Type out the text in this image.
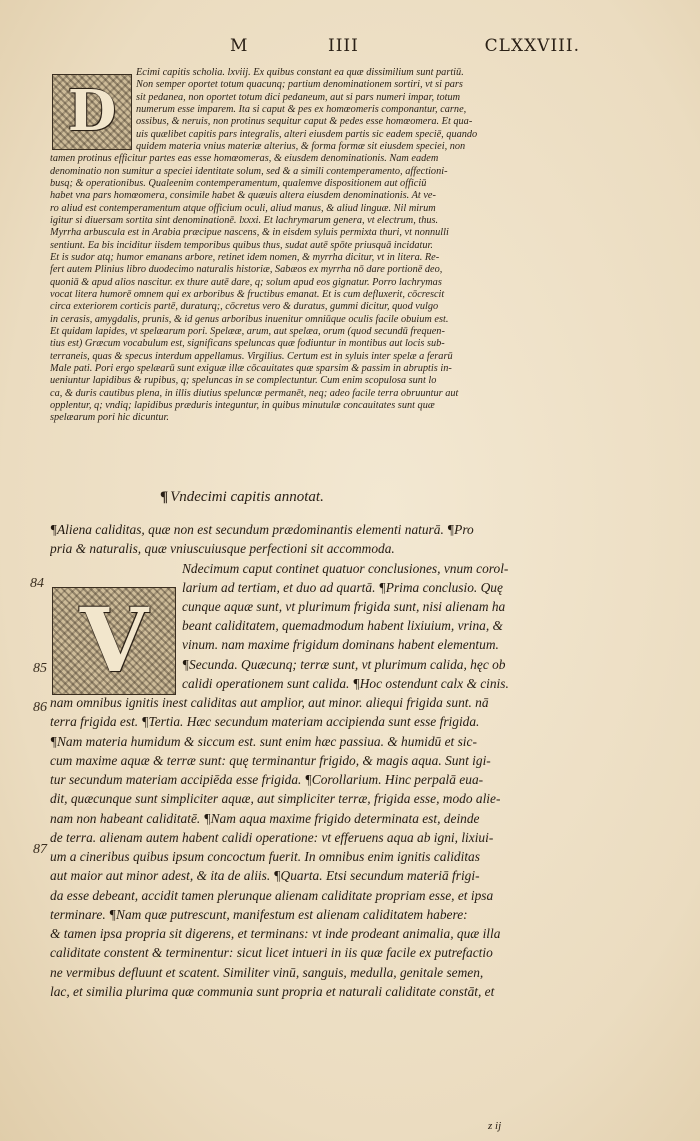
M	IIII	CLXXVIII.
D

Ecimi capitis scholia. lxviij. Ex quibus constant ea quæ dissimilium sunt partiū.

Non semper oportet totum quacunq; partium denominationem sortiri, vt si pars

sit pedanea, non oportet totum dici pedaneum, aut si pars numeri impar, totum

numerum esse imparem. Ita si caput & pes ex homœomeris componantur, carne,

ossibus, & neruis, non protinus sequitur caput & pedes esse homœomera. Et qua-

uis quælibet capitis pars integralis, alteri eiusdem partis sic eadem speciē, quando

quidem materia vnius materiæ alterius, & forma formæ sit eiusdem speciei, non

tamen protinus efficitur partes eas esse homœomeras, & eiusdem denominationis. Nam eadem

denominatio non sumitur a speciei identitate solum, sed & a simili contemperamento, affectioni-

busq; & operationibus. Qualeenim contemperamentum, qualemve dispositionem aut officiū

habet vna pars homœomera, consimile habet & quæuis altera eiusdem denominationis. At ve-

ro aliud est contemperamentum atque officium oculi, aliud manus, & aliud linguæ. Nil mirum

igitur si diuersam sortita sint denominationē. lxxxi. Et lachrymarum genera, vt electrum, thus.

Myrrha arbuscula est in Arabia præcipue nascens, & in eisdem syluis permixta thuri, vt nonnulli

sentiunt. Ea bis inciditur iisdem temporibus quibus thus, sudat autē spōte priusquā incidatur.

Et is sudor atq; humor emanans arbore, retinet idem nomen, & myrrha dicitur, vt in litera. Re-

fert autem Plinius libro duodecimo naturalis historiæ, Sabæos ex myrrha nō dare portionē deo,

quoniā & apud alios nascitur. ex thure autē dare, q; solum apud eos gignatur. Porro lachrymas

vocat litera humorē omnem qui ex arboribus & fructibus emanat. Et is cum defluxerit, cōcrescit

circa exteriorem corticis partē, duraturq;, cōcretus vero & duratus, gummi dicitur, quod vulgo

in cerasis, amygdalis, prunis, & id genus arboribus inuenitur omniūque oculis facile obuium est.

Et quidam lapides, vt spelæarum pori. Spelææ, arum, aut spelæa, orum (quod secundū frequen-

tius est) Græcum vocabulum est, significans speluncas quæ fodiuntur in montibus aut locis sub-

terraneis, quas & specus interdum appellamus. Virgilius. Certum est in syluis inter spelæ a ferarū

Male pati. Pori ergo spelæarū sunt exiguæ illæ cōcauitates quæ sparsim & passim in abruptis in-

ueniuntur lapidibus & rupibus, q; speluncas in se complectuntur. Cum enim scopulosa sunt lo

ca, & duris cautibus plena, in illis diutius speluncæ permanēt, neq; adeo facile terra obruuntur aut

opplentur, q; vndiq; lapidibus præduris integuntur, in quibus minutulæ concauitates sunt quæ

spelæarum pori hic dicuntur.

¶ Vndecimi capitis annotat.
V

¶Aliena caliditas, quæ non est secundum prædominantis elementi naturā. ¶Pro

pria & naturalis, quæ vniuscuiusque perfectioni sit accommoda.

Ndecimum caput continet quatuor conclusiones, vnum corol-

larium ad tertiam, et duo ad quartā. ¶Prima conclusio. Quę

cunque aquæ sunt, vt plurimum frigida sunt, nisi alienam ha

beant caliditatem, quemadmodum habent lixiuium, vrina, &

vinum. nam maxime frigidum dominans habent elementum.

¶Secunda. Quæcunq; terræ sunt, vt plurimum calida, hęc ob

calidi operationem sunt calida. ¶Hoc ostendunt calx & cinis.

nam omnibus ignitis inest caliditas aut amplior, aut minor. aliequi frigida sunt. nā

terra frigida est. ¶Tertia. Hæc secundum materiam accipienda sunt esse frigida.

¶Nam materia humidum & siccum est. sunt enim hæc passiua. & humidū et sic-

cum maxime aquæ & terræ sunt: quę terminantur frigido, & magis aqua. Sunt igi-

tur secundum materiam accipiēda esse frigida. ¶Corollarium. Hinc perpalā eua-

dit, quæcunque sunt simpliciter aquæ, aut simpliciter terræ, frigida esse, modo alie-

nam non habeant caliditatē. ¶Nam aqua maxime frigido determinata est, deinde

de terra. alienam autem habent calidi operatione: vt efferuens aqua ab igni, lixiui-

um a cineribus quibus ipsum concoctum fuerit. In omnibus enim ignitis caliditas

aut maior aut minor adest, & ita de aliis. ¶Quarta. Etsi secundum materiā frigi-

da esse debeant, accidit tamen plerunque alienam caliditate propriam esse, et ipsa

terminare. ¶Nam quæ putrescunt, manifestum est alienam caliditatem habere:

& tamen ipsa propria sit digerens, et terminans: vt inde prodeant animalia, quæ illa

caliditate constent & terminentur: sicut licet intueri in iis quæ facile ex putrefactio

ne vermibus defluunt et scatent. Similiter vinū, sanguis, medulla, genitale semen,

lac, et similia plurima quæ communia sunt propria et naturali caliditate constāt, et

84
85
86
87
z ij
